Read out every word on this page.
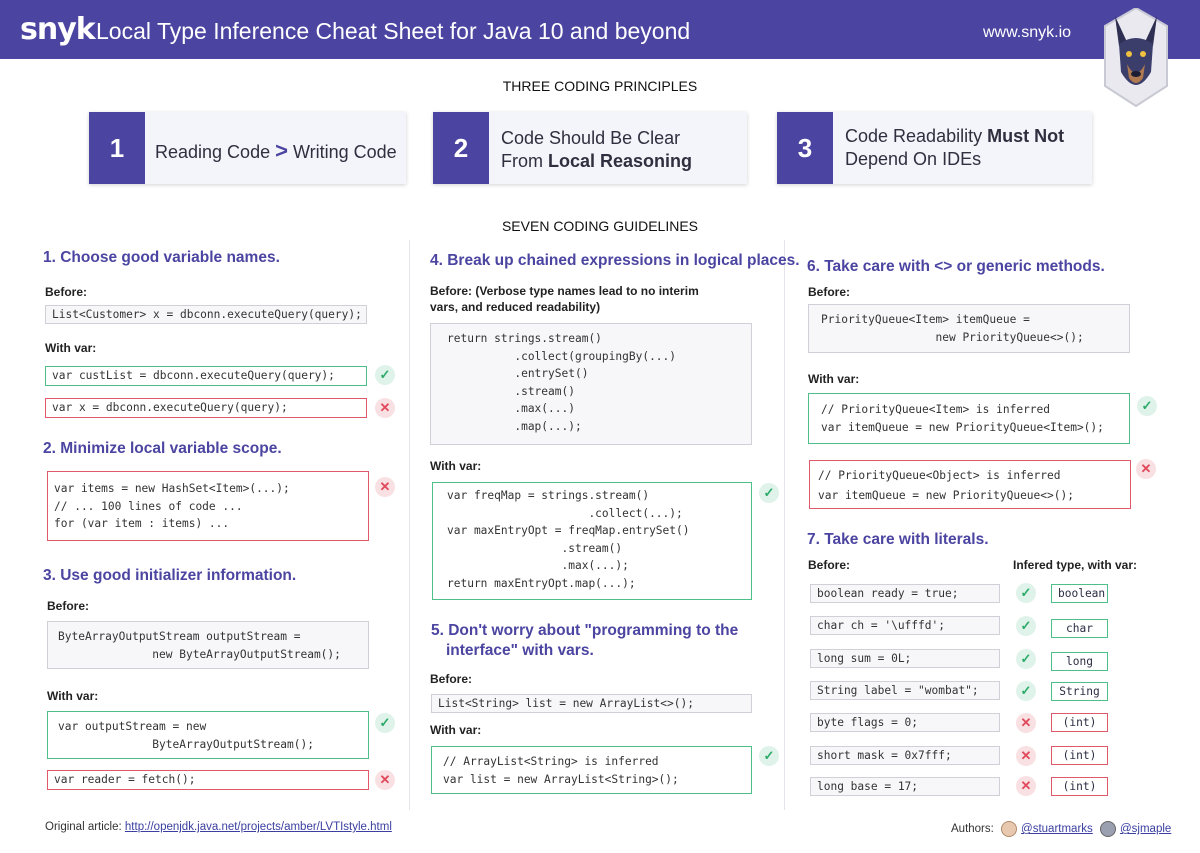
snyk Local Type Inference Cheat Sheet for Java 10 and beyond	www.snyk.io
THREE CODING PRINCIPLES
1	Reading Code > Writing Code	2	Code Should Be Clear
From Local Reasoning	3	Code Readability Must Not
Depend On IDEs
SEVEN CODING GUIDELINES
1. Choose good variable names.
Before:
List<Customer> x = dbconn.executeQuery(query);
With var:
var custList = dbconn.executeQuery(query);	✓
var x = dbconn.executeQuery(query);	✕
2. Minimize local variable scope.
var items = new HashSet<Item>(...);
// ... 100 lines of code ...
for (var item : items) ...
✕
3. Use good initializer information.
Before:
ByteArrayOutputStream outputStream =
new ByteArrayOutputStream();
With var:
var outputStream = new
ByteArrayOutputStream();
✓
var reader = fetch();	✕
4. Break up chained expressions in logical places.
Before: (Verbose type names lead to no interim
vars, and reduced readability)
return strings.stream()
.collect(groupingBy(...)
.entrySet()
.stream()
.max(...)
.map(...);
With var:
var freqMap = strings.stream()
.collect(...);
var maxEntryOpt = freqMap.entrySet()
.stream()
.max(...);
return maxEntryOpt.map(...);
✓
5. Don't worry about "programming to the
interface" with vars.
Before:
List<String> list = new ArrayList<>();
With var:
// ArrayList<String> is inferred
var list = new ArrayList<String>();
✓
6. Take care with <> or generic methods.
Before:
PriorityQueue<Item> itemQueue =
new PriorityQueue<>();
With var:
// PriorityQueue<Item> is inferred
var itemQueue = new PriorityQueue<Item>();
✓
// PriorityQueue<Object> is inferred
var itemQueue = new PriorityQueue<>();
✕
7. Take care with literals.
Before:	Infered type, with var:
boolean ready = true;	✓	boolean
char ch = '\ufffd';	✓	char
long sum = 0L;	✓	long
String label = "wombat";	✓	String
byte flags = 0;	✕	(int)
short mask = 0x7fff;	✕	(int)
long base = 17;	✕	(int)
Original article: http://openjdk.java.net/projects/amber/LVTIstyle.html	Authors: @stuartmarks @sjmaple
